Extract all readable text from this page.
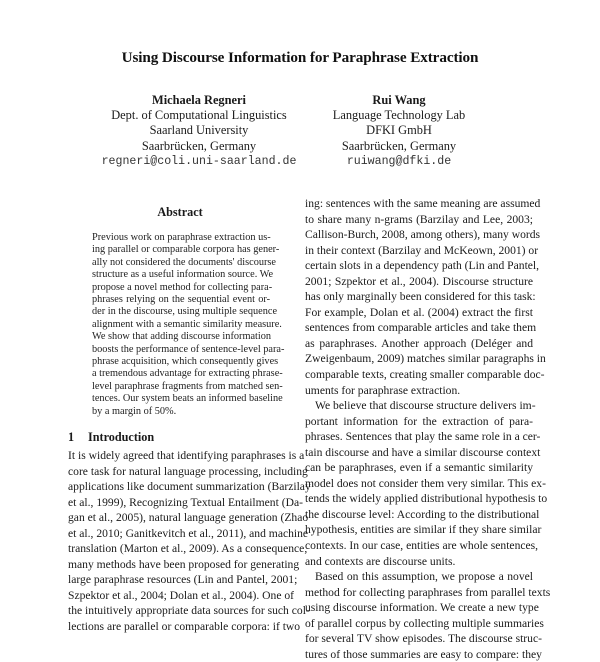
Using Discourse Information for Paraphrase Extraction
Michaela Regneri
Dept. of Computational Linguistics
Saarland University
Saarbrücken, Germany
regneri@coli.uni-saarland.de
Rui Wang
Language Technology Lab
DFKI GmbH
Saarbrücken, Germany
ruiwang@dfki.de
Abstract
Previous work on paraphrase extraction us-
ing parallel or comparable corpora has gener-
ally not considered the documents' discourse
structure as a useful information source. We
propose a novel method for collecting para-
phrases relying on the sequential event or-
der in the discourse, using multiple sequence
alignment with a semantic similarity measure.
We show that adding discourse information
boosts the performance of sentence-level para-
phrase acquisition, which consequently gives
a tremendous advantage for extracting phrase-
level paraphrase fragments from matched sen-
tences. Our system beats an informed baseline
by a margin of 50%.
1 Introduction
It is widely agreed that identifying paraphrases is a
core task for natural language processing, including
applications like document summarization (Barzilay
et al., 1999), Recognizing Textual Entailment (Da-
gan et al., 2005), natural language generation (Zhao
et al., 2010; Ganitkevitch et al., 2011), and machine
translation (Marton et al., 2009). As a consequence,
many methods have been proposed for generating
large paraphrase resources (Lin and Pantel, 2001;
Szpektor et al., 2004; Dolan et al., 2004). One of
the intuitively appropriate data sources for such col-
lections are parallel or comparable corpora: if two
ing: sentences with the same meaning are assumed
to share many n-grams (Barzilay and Lee, 2003;
Callison-Burch, 2008, among others), many words
in their context (Barzilay and McKeown, 2001) or
certain slots in a dependency path (Lin and Pantel,
2001; Szpektor et al., 2004). Discourse structure
has only marginally been considered for this task:
For example, Dolan et al. (2004) extract the first
sentences from comparable articles and take them
as paraphrases. Another approach (Deléger and
Zweigenbaum, 2009) matches similar paragraphs in
comparable texts, creating smaller comparable doc-
uments for paraphrase extraction.
We believe that discourse structure delivers im-
portant information for the extraction of para-
phrases. Sentences that play the same role in a cer-
tain discourse and have a similar discourse context
can be paraphrases, even if a semantic similarity
model does not consider them very similar. This ex-
tends the widely applied distributional hypothesis to
the discourse level: According to the distributional
hypothesis, entities are similar if they share similar
contexts. In our case, entities are whole sentences,
and contexts are discourse units.
Based on this assumption, we propose a novel
method for collecting paraphrases from parallel texts
using discourse information. We create a new type
of parallel corpus by collecting multiple summaries
for several TV show episodes. The discourse struc-
tures of those summaries are easy to compare: they
